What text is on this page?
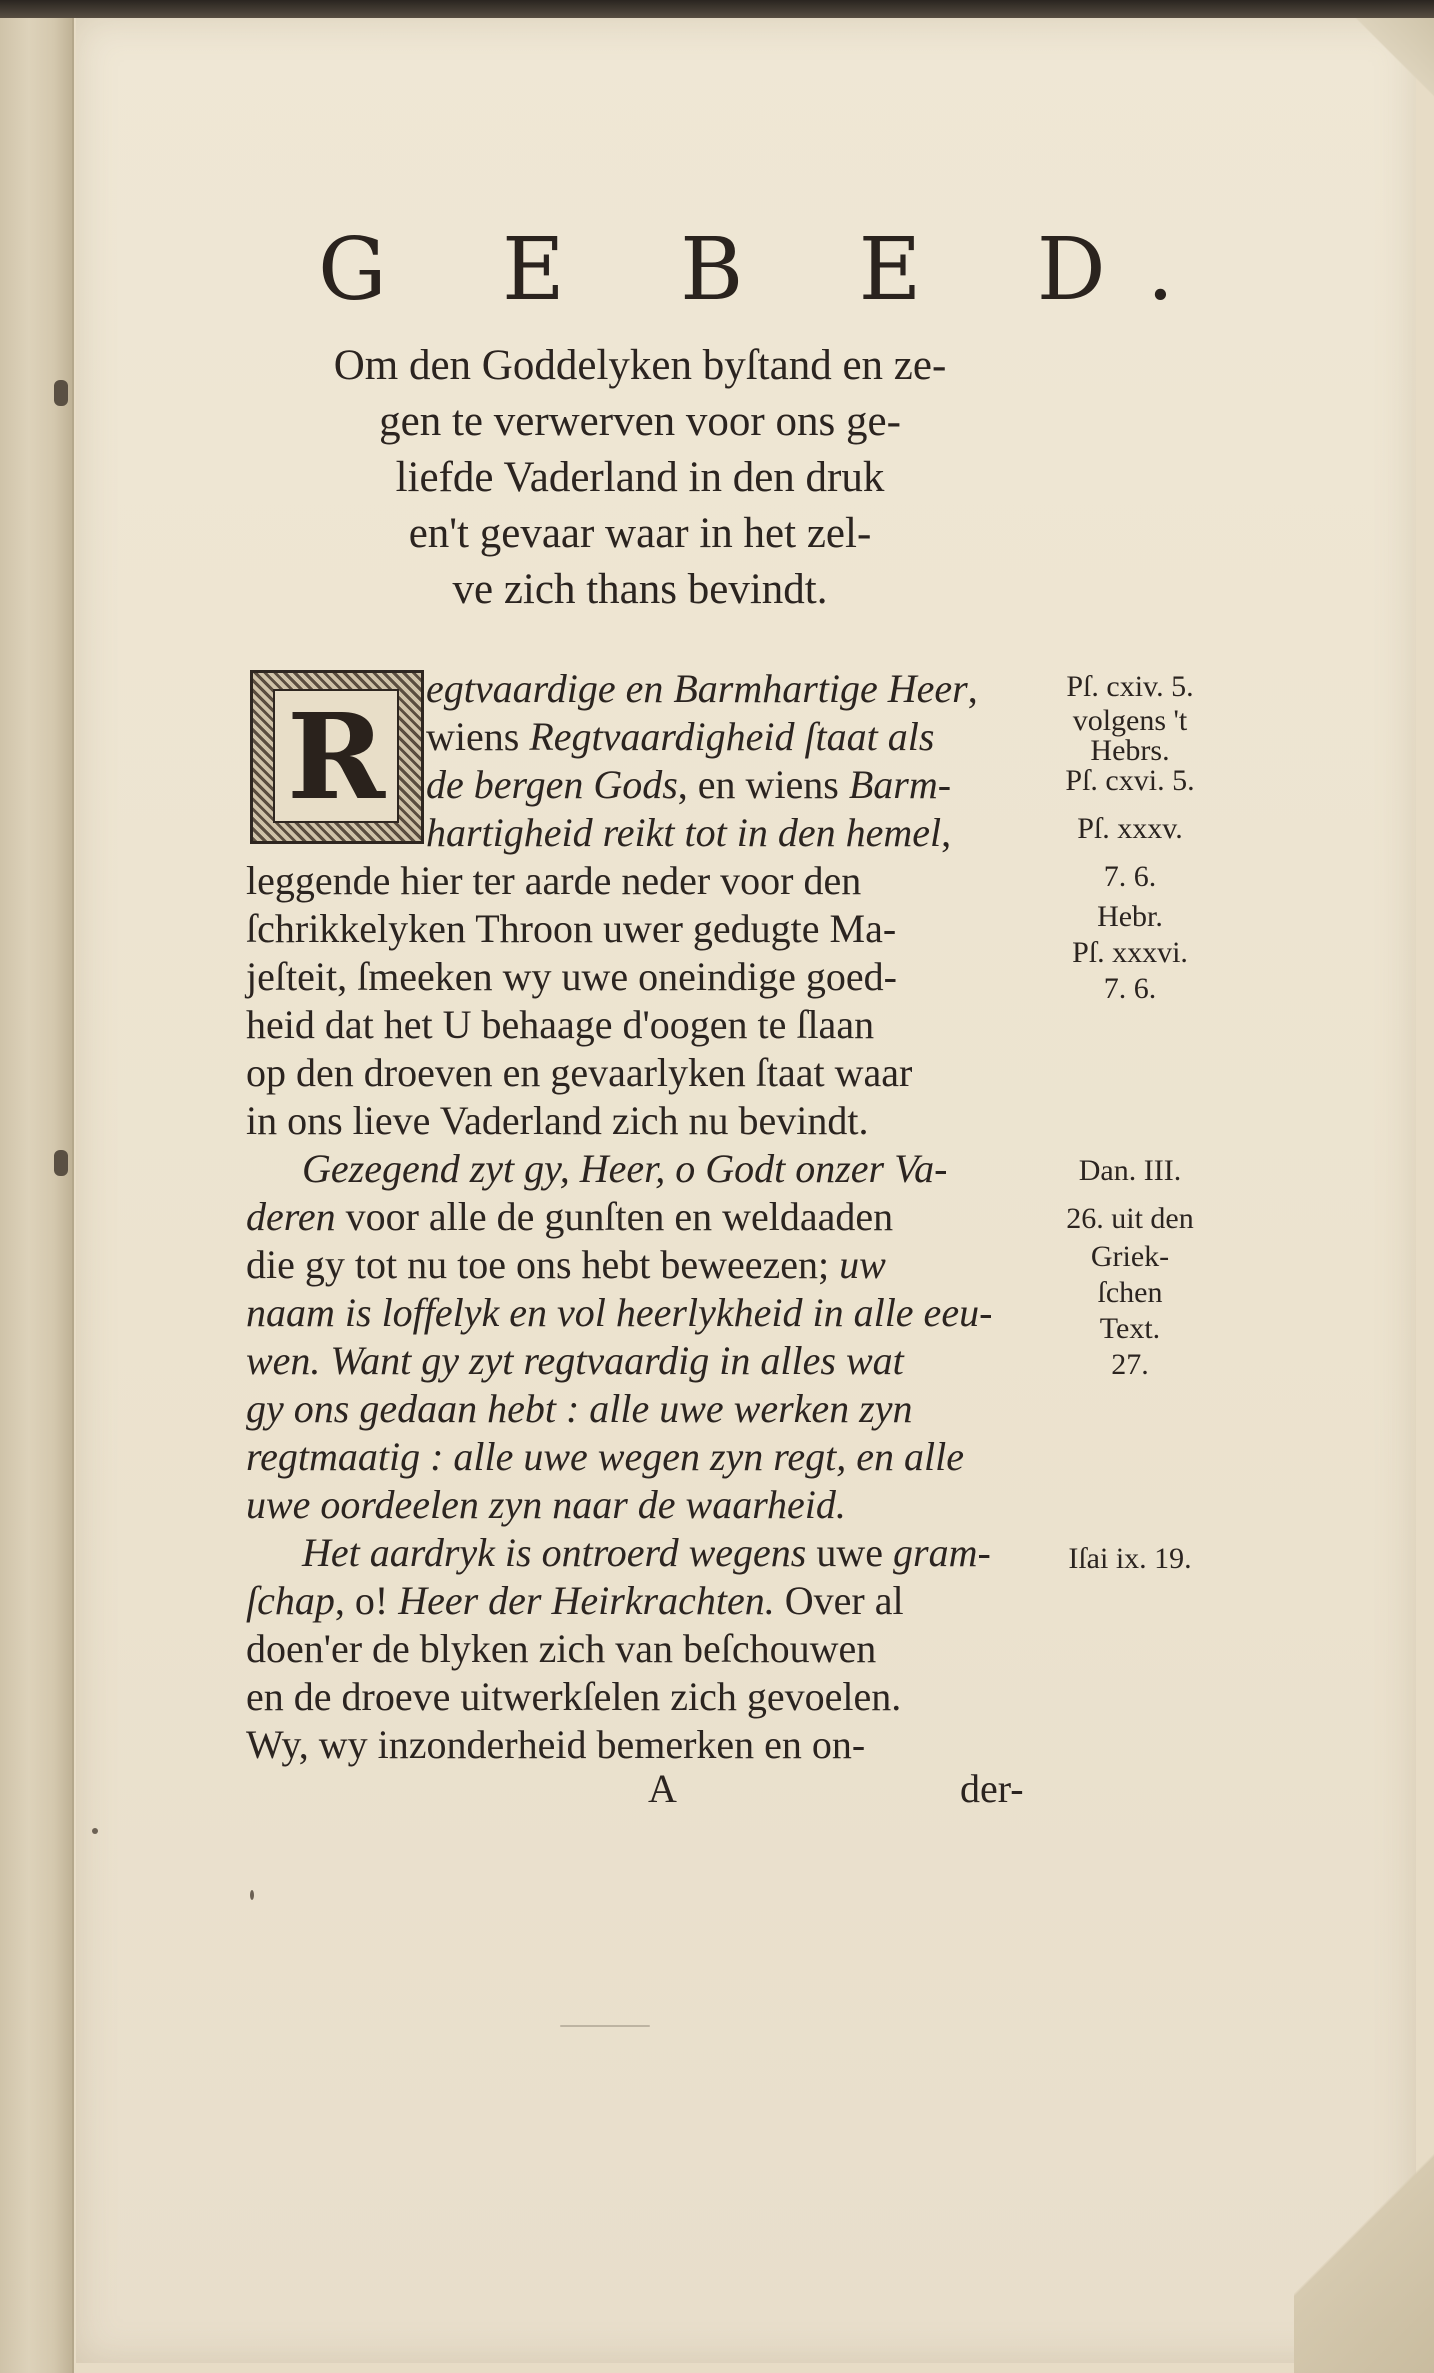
G E B E D.
Om den Goddelyken byſtand en ze-
gen te verwerven voor ons ge-
liefde Vaderland in den druk
en't gevaar waar in het zel-
ve zich thans bevindt.
R	egtvaardige en Barmhartige Heer,
wiens Regtvaardigheid ſtaat als
de bergen Gods, en wiens Barm-
hartigheid reikt tot in den hemel,
leggende hier ter aarde neder voor den
ſchrikkelyken Throon uwer gedugte Ma-
jeſteit, ſmeeken wy uwe oneindige goed-
heid dat het U behaage d'oogen te ſlaan
op den droeven en gevaarlyken ſtaat waar
in ons lieve Vaderland zich nu bevindt.
Gezegend zyt gy, Heer, o Godt onzer Va-
deren voor alle de gunſten en weldaaden
die gy tot nu toe ons hebt beweezen; uw
naam is loffelyk en vol heerlykheid in alle eeu-
wen. Want gy zyt regtvaardig in alles wat
gy ons gedaan hebt : alle uwe werken zyn
regtmaatig : alle uwe wegen zyn regt, en alle
uwe oordeelen zyn naar de waarheid.
Het aardryk is ontroerd wegens uwe gram-
ſchap, o! Heer der Heirkrachten. Over al
doen'er de blyken zich van beſchouwen
en de droeve uitwerkſelen zich gevoelen.
Wy, wy inzonderheid bemerken en on-
Pſ. cxiv. 5.
volgens 't
Hebrs.
Pſ. cxvi. 5.
Pſ. xxxv.
7. 6.
Hebr.
Pſ. xxxvi.
7. 6.
Dan. III.
26. uit den
Griek-
ſchen
Text.
27.
Iſai ix. 19.
A	der-
